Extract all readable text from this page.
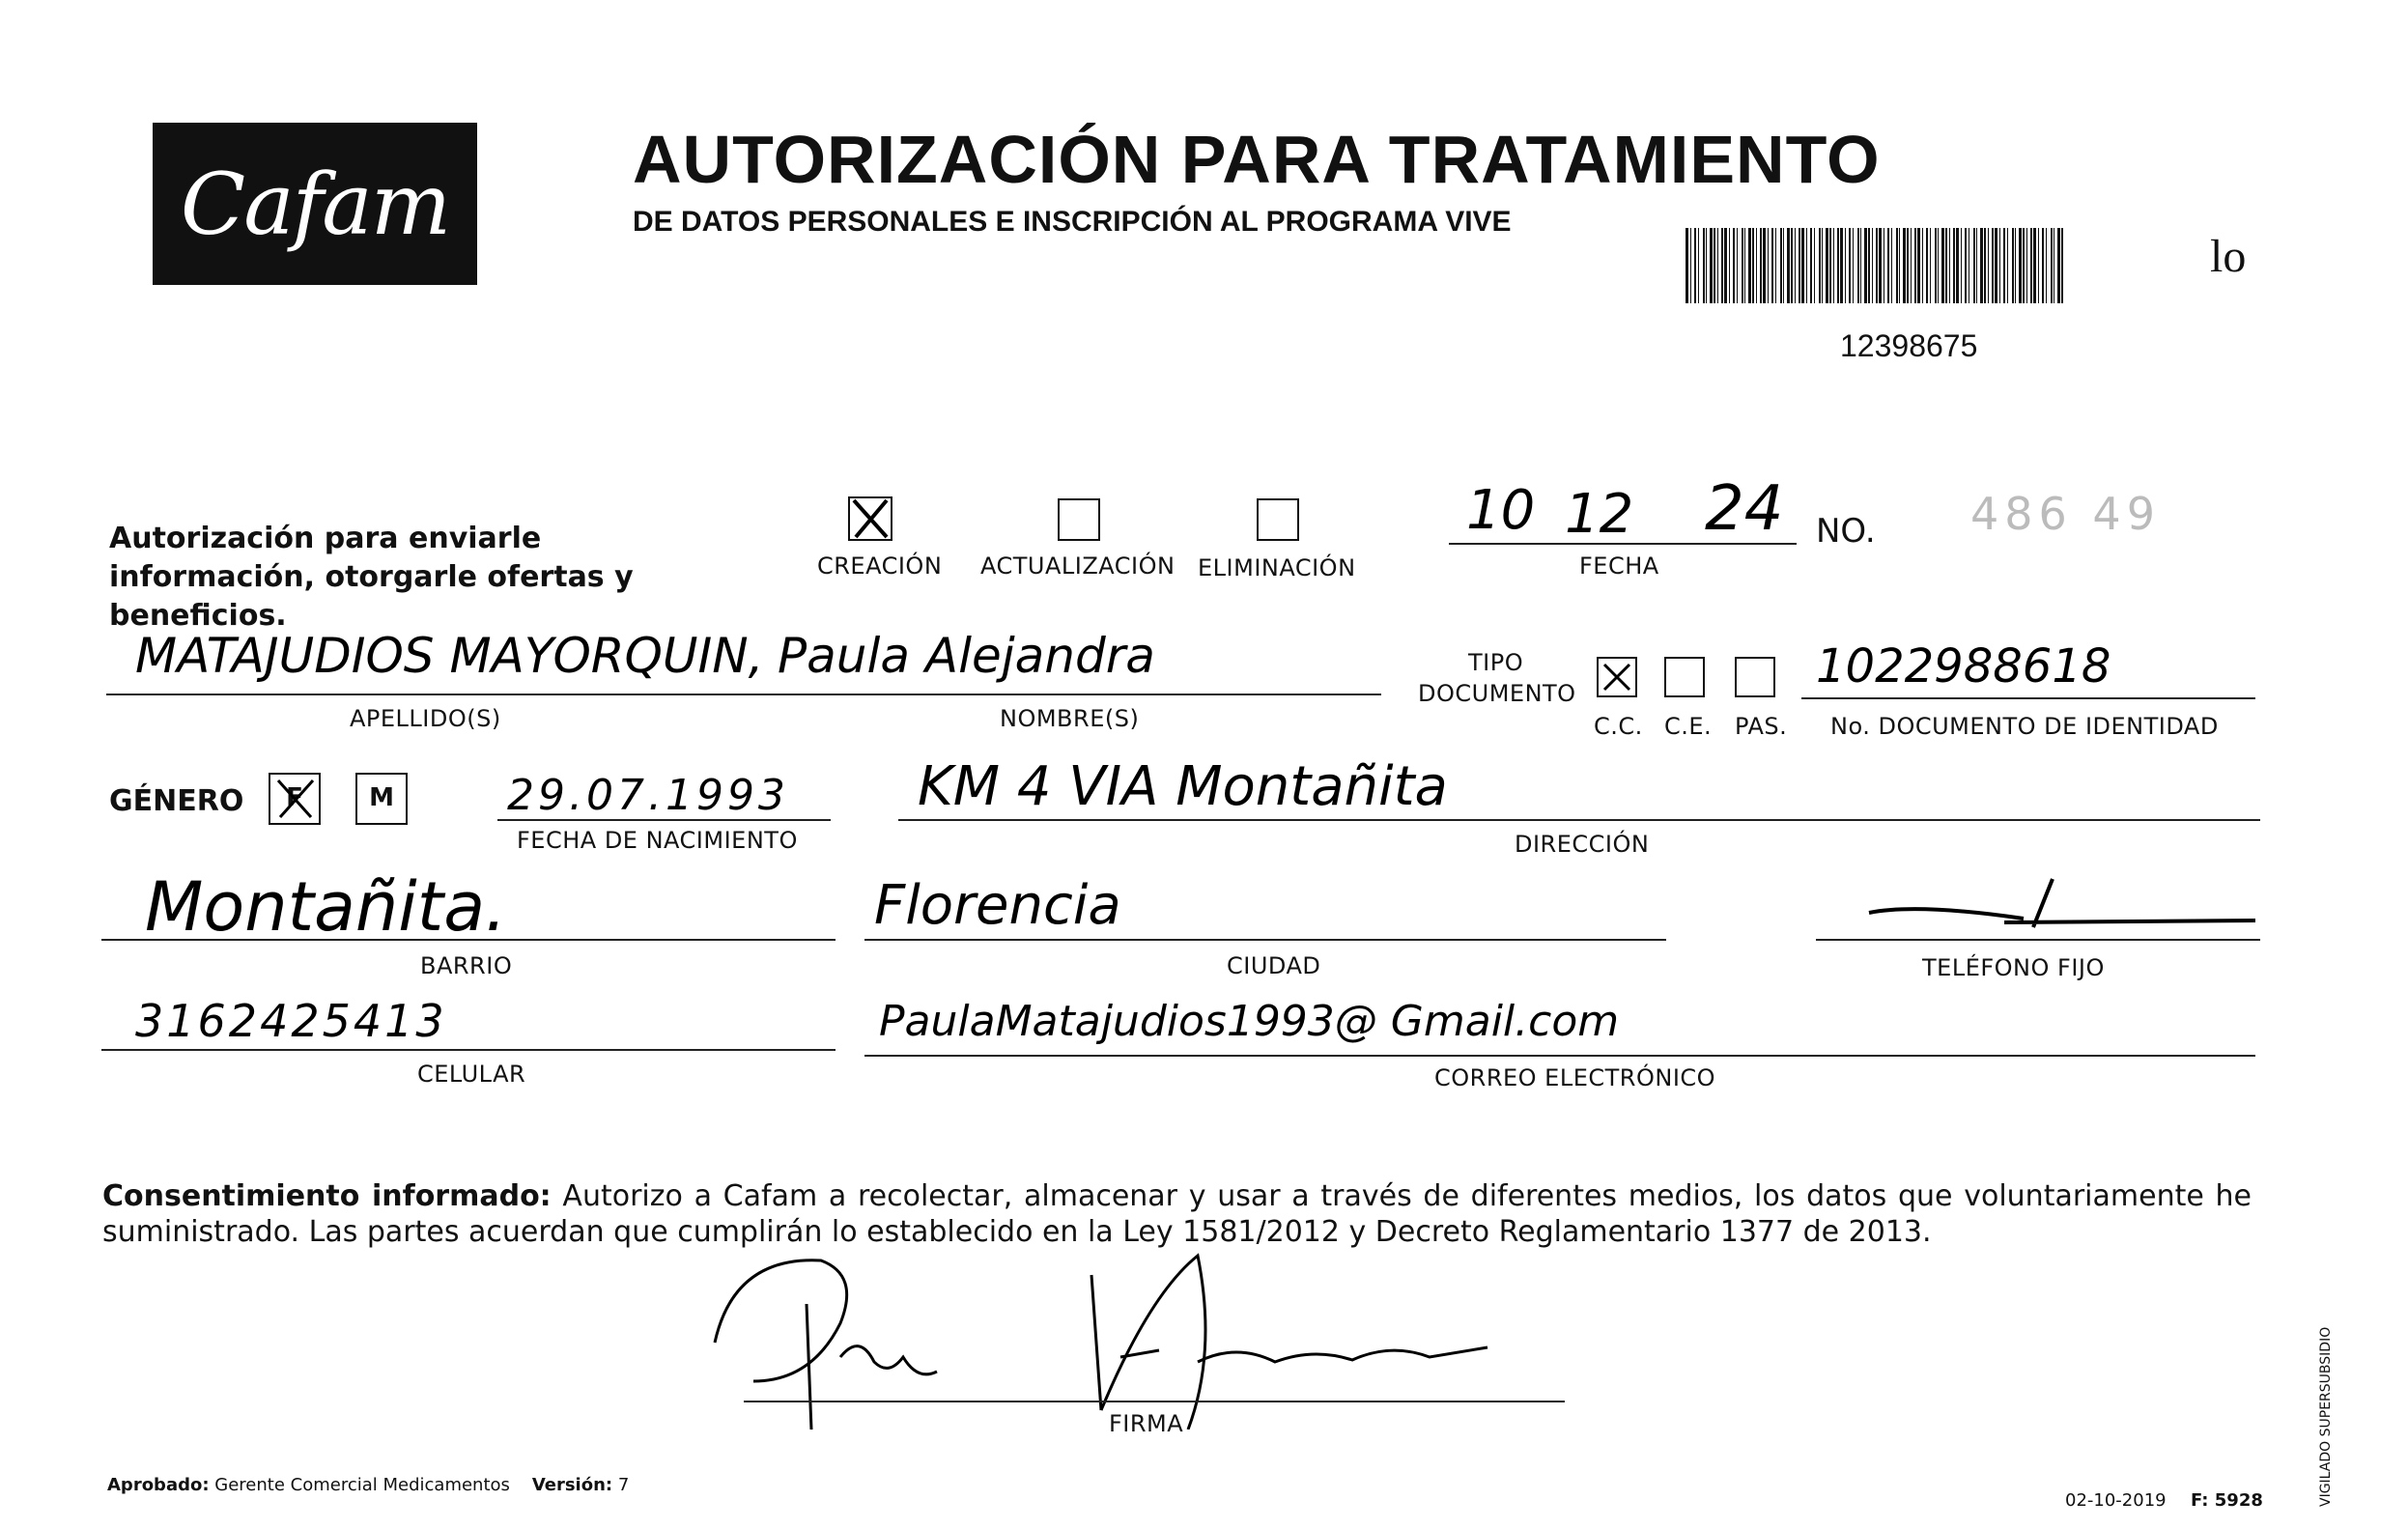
Cafam	AUTORIZACIÓN PARA TRATAMIENTO
DE DATOS PERSONALES E INSCRIPCIÓN AL PROGRAMA VIVE
12398675
lo
Autorización para enviarle información, otorgarle ofertas y beneficios.
CREACIÓN ACTUALIZACIÓN ELIMINACIÓN
10 12 24
FECHA
NO. 486 49
MATAJUDIOS MAYORQUIN,
APELLIDO(S)
Paula Alejandra
NOMBRE(S)
TIPO
DOCUMENTO
C.C. C.E. PAS.
1022988618
No. DOCUMENTO DE IDENTIDAD
GÉNERO	F	M	29.07.1993
FECHA DE NACIMIENTO
KM 4 VIA Montañita
DIRECCIÓN
Montañita.
BARRIO
Florencia
CIUDAD	TELÉFONO FIJO
3162425413
CELULAR
PaulaMatajudios1993@ Gmail.com
CORREO ELECTRÓNICO
Consentimiento informado: Autorizo a Cafam a recolectar, almacenar y usar a través de diferentes medios, los datos que voluntariamente he suministrado. Las partes acuerdan que cumplirán lo establecido en la Ley 1581/2012 y Decreto Reglamentario 1377 de 2013.
FIRMA
Aprobado: Gerente Comercial Medicamentos Versión: 7
02-10-2019 F: 5928	VIGILADO SUPERSUBSIDIO
